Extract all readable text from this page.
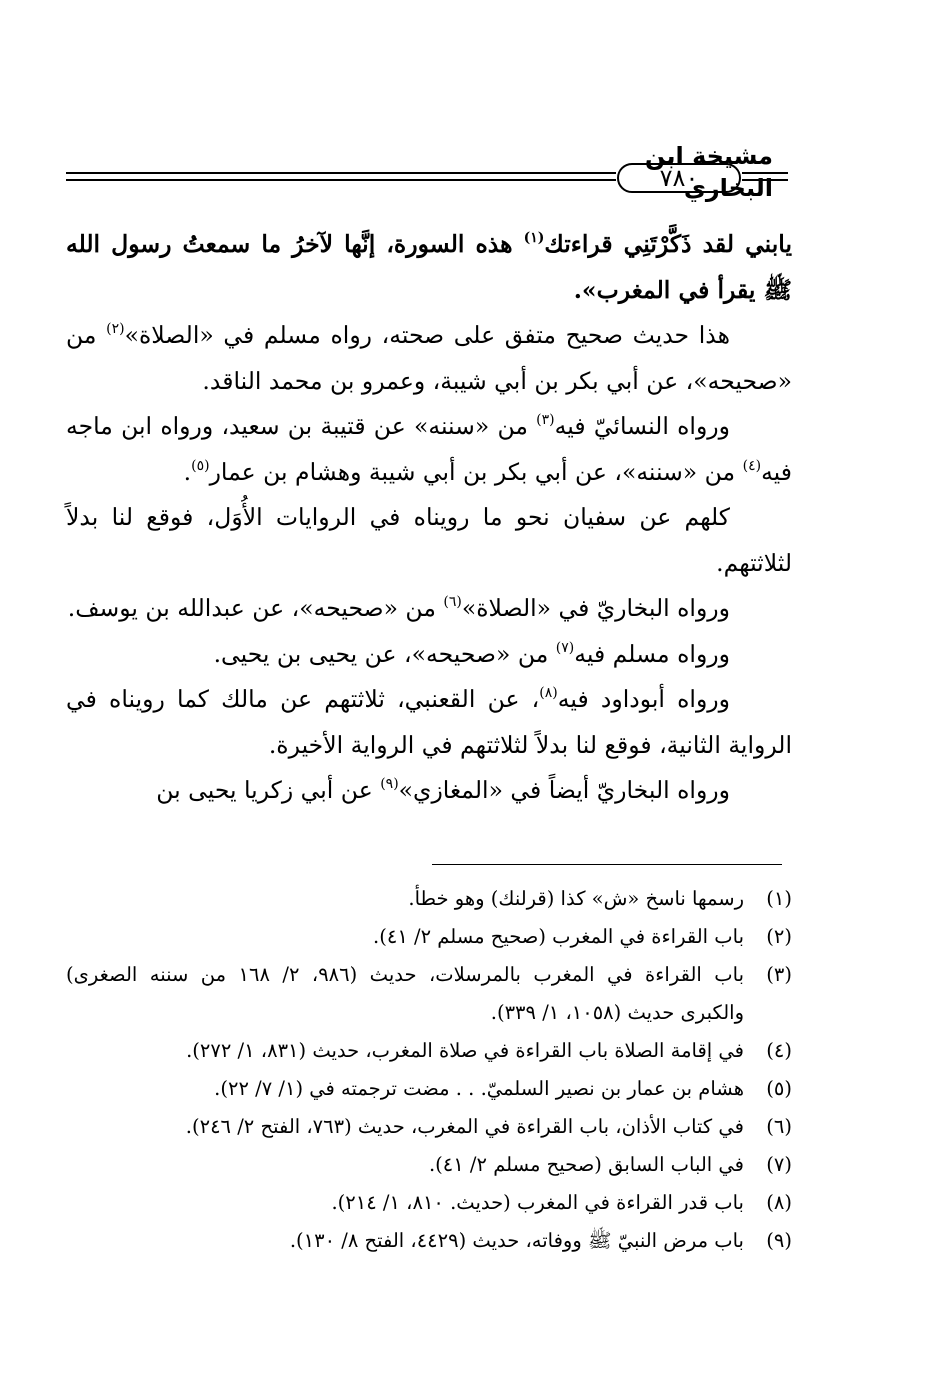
مشيخة ابن البخاري
٧٨٠

يابني لقد ذَكَّرْتَنِي قراءتك$^{(١)}$ هذه السورة، إنَّها لآخرُ ما سمعتُ رسول الله ﷺ يقرأ في المغرب».

هذا حديث صحيح متفق على صحته، رواه مسلم في «الصلاة»$^{(٢)}$ من «صحيحه»، عن أبي بكر بن أبي شيبة، وعمرو بن محمد الناقد.

ورواه النسائيّ فيه$^{(٣)}$ من «سننه» عن قتيبة بن سعيد، ورواه ابن ماجه فيه$^{(٤)}$ من «سننه»، عن أبي بكر بن أبي شيبة وهشام بن عمار$^{(٥)}$.

كلهم عن سفيان نحو ما رويناه في الروايات الأُوَل، فوقع لنا بدلاً لثلاثتهم.

ورواه البخاريّ في «الصلاة»$^{(٦)}$ من «صحيحه»، عن عبدالله بن يوسف.

ورواه مسلم فيه$^{(٧)}$ من «صحيحه»، عن يحيى بن يحيى.

ورواه أبوداود فيه$^{(٨)}$، عن القعنبي، ثلاثتهم عن مالك كما رويناه في الرواية الثانية، فوقع لنا بدلاً لثلاثتهم في الرواية الأخيرة.

ورواه البخاريّ أيضاً في «المغازي»$^{(٩)}$ عن أبي زكريا يحيى بن

(١)
رسمها ناسخ «ش» كذا (قرلنك) وهو خطأ.
(٢)
باب القراءة في المغرب (صحيح مسلم ٢/ ٤١).
(٣)
باب القراءة في المغرب بالمرسلات، حديث (٩٨٦، ٢/ ١٦٨ من سننه الصغرى) والكبرى حديث (١٠٥٨، ١/ ٣٣٩).
(٤)
في إقامة الصلاة باب القراءة في صلاة المغرب، حديث (٨٣١، ١/ ٢٧٢).
(٥)
هشام بن عمار بن نصير السلميّ. . . مضت ترجمته في (١/ ٧/ ٢٢).
(٦)
في كتاب الأذان، باب القراءة في المغرب، حديث (٧٦٣، الفتح ٢/ ٢٤٦).
(٧)
في الباب السابق (صحيح مسلم ٢/ ٤١).
(٨)
باب قدر القراءة في المغرب (حديث. ٨١٠، ١/ ٢١٤).
(٩)
باب مرض النبيّ ﷺ ووفاته، حديث (٤٤٢٩، الفتح ٨/ ١٣٠).
